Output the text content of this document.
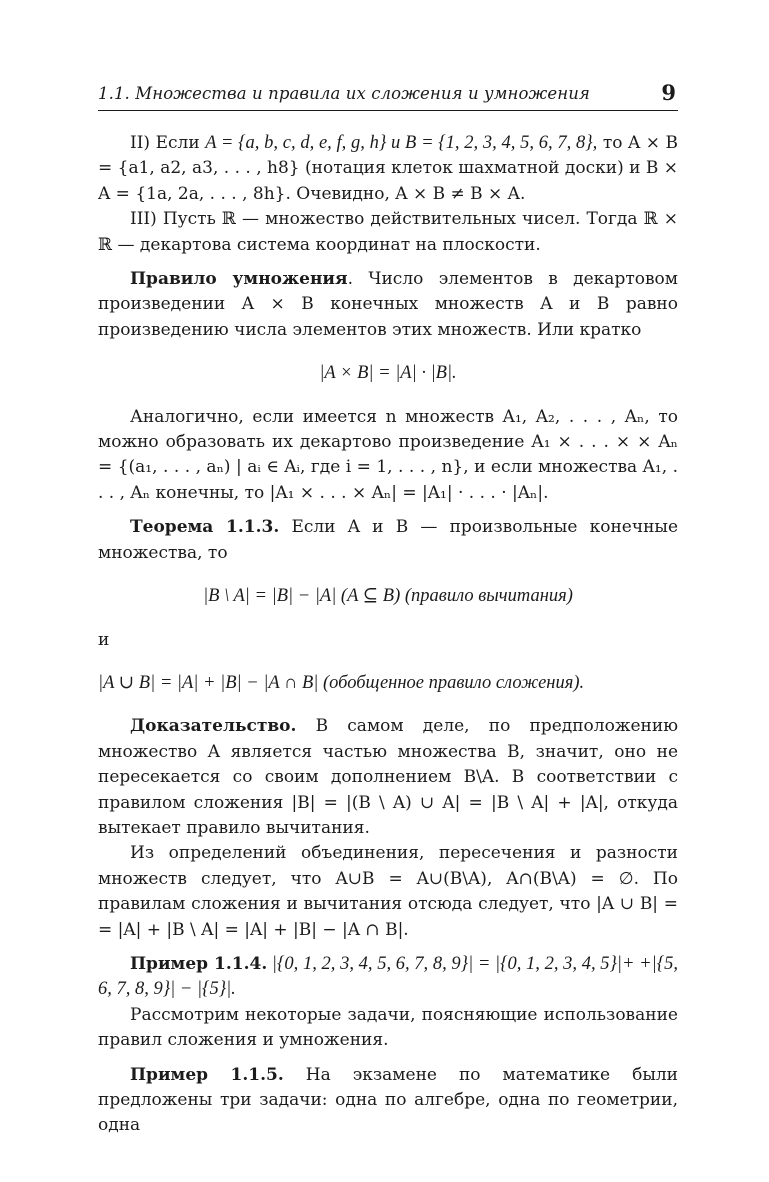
1.1. Множества и правила их сложения и умножения	9

II) Если A = {a, b, c, d, e, f, g, h} и B = {1, 2, 3, 4, 5, 6, 7, 8}, то A × B = {a1, a2, a3, . . . , h8} (нотация клеток шахматной доски) и B × A = {1a, 2a, . . . , 8h}. Очевидно, A × B ≠ B × A.

III) Пусть ℝ — множество действительных чисел. Тогда ℝ × ℝ — декартова система координат на плоскости.

Правило умножения. Число элементов в декартовом произведении A × B конечных множеств A и B равно произведению числа элементов этих множеств. Или кратко

|A × B| = |A| · |B|.

Аналогично, если имеется n множеств A₁, A₂, . . . , Aₙ, то можно образовать их декартово произведение A₁ × . . . × × Aₙ = {(a₁, . . . , aₙ) | aᵢ ∈ Aᵢ, где i = 1, . . . , n}, и если множества A₁, . . . , Aₙ конечны, то |A₁ × . . . × Aₙ| = |A₁| · . . . · |Aₙ|.

Теорема 1.1.3. Если A и B — произвольные конечные множества, то

|B \ A| = |B| − |A| (A ⊆ B) (правило вычитания)

и

|A ∪ B| = |A| + |B| − |A ∩ B| (обобщенное правило сложения).

Доказательство. В самом деле, по предположению множество A является частью множества B, значит, оно не пересекается со своим дополнением B\A. В соответствии с правилом сложения |B| = |(B \ A) ∪ A| = |B \ A| + |A|, откуда вытекает правило вычитания.

Из определений объединения, пересечения и разности множеств следует, что A∪B = A∪(B\A), A∩(B\A) = ∅. По правилам сложения и вычитания отсюда следует, что |A ∪ B| = = |A| + |B \ A| = |A| + |B| − |A ∩ B|.

Пример 1.1.4. |{0, 1, 2, 3, 4, 5, 6, 7, 8, 9}| = |{0, 1, 2, 3, 4, 5}|+ +|{5, 6, 7, 8, 9}| − |{5}|.

Рассмотрим некоторые задачи, поясняющие использование правил сложения и умножения.

Пример 1.1.5. На экзамене по математике были предложены три задачи: одна по алгебре, одна по геометрии, одна
